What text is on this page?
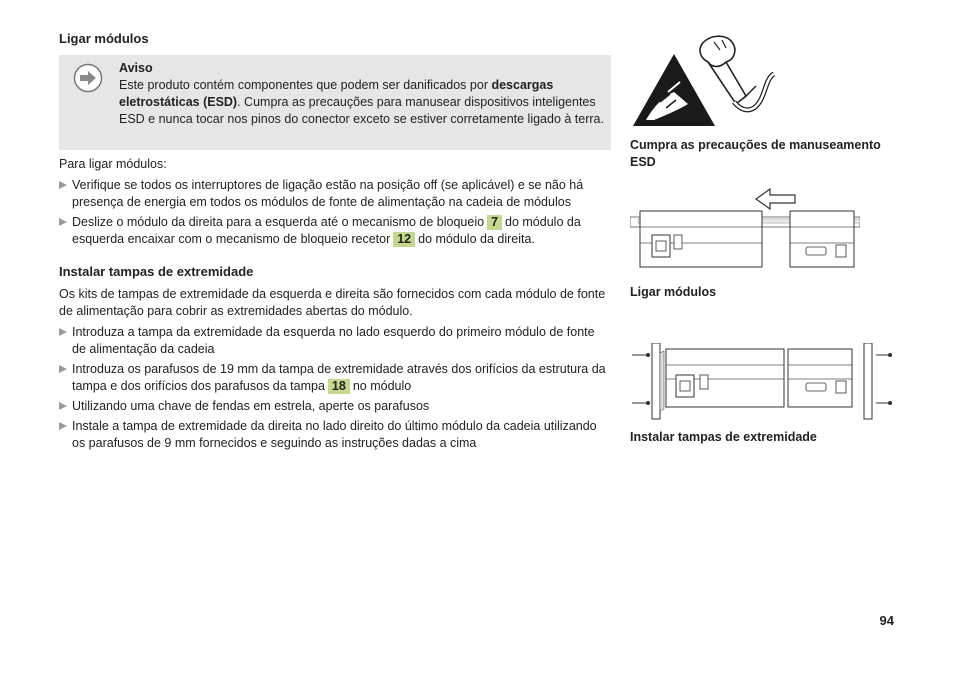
Ligar módulos
Aviso
Este produto contém componentes que podem ser danificados por descargas eletrostáticas (ESD). Cumpra as precauções para manusear dispositivos inteligentes ESD e nunca tocar nos pinos do conector exceto se estiver corretamente ligado à terra.

Para ligar módulos:

Verifique se todos os interruptores de ligação estão na posição off (se aplicável) e se não há presença de energia em todos os módulos de fonte de alimentação na cadeia de módulos
Deslize o módulo da direita para a esquerda até o mecanismo de bloqueio 7 do módulo da esquerda encaixar com o mecanismo de bloqueio recetor 12 do módulo da direita.
Instalar tampas de extremidade

Os kits de tampas de extremidade da esquerda e direita são fornecidos com cada módulo de fonte de alimentação para cobrir as extremidades abertas do módulo.

Introduza a tampa da extremidade da esquerda no lado esquerdo do primeiro módulo de fonte de alimentação da cadeia
Introduza os parafusos de 19 mm da tampa de extremidade através dos orifícios da estrutura da tampa e dos orifícios dos parafusos da tampa 18 no módulo
Utilizando uma chave de fendas em estrela, aperte os parafusos
Instale a tampa de extremidade da direita no lado direito do último módulo da cadeia utilizando os parafusos de 9 mm fornecidos e seguindo as instruções dadas a cima
Cumpra as precauções de manuseamento ESD
Ligar módulos
Instalar tampas de extremidade
94
